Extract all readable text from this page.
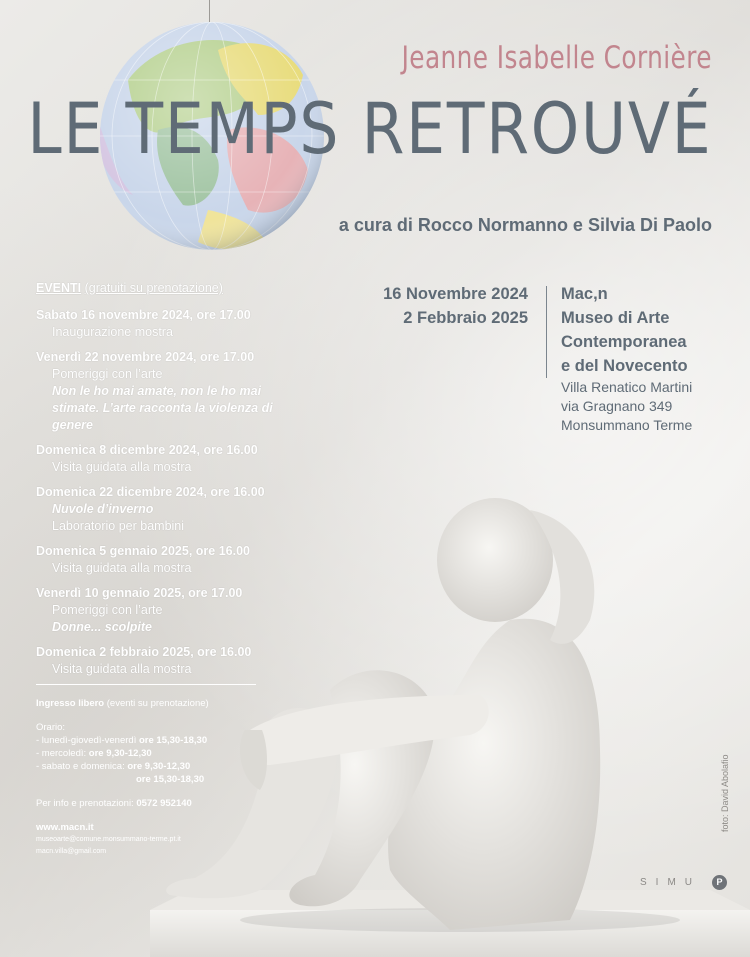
Jeanne Isabelle Cornière
LE TEMPS RETROUVÉ
a cura di Rocco Normanno e Silvia Di Paolo
16 Novembre 2024
2 Febbraio 2025
Mac,n
Museo di Arte
Contemporanea
e del Novecento
Villa Renatico Martini
via Gragnano 349
Monsummano Terme
EVENTI (gratuiti su prenotazione)
Sabato 16 novembre 2024, ore 17.00
Inaugurazione mostra
Venerdì 22 novembre 2024, ore 17.00
Pomeriggi con l’arte
Non le ho mai amate, non le ho mai stimate. L’arte racconta la violenza di genere
Domenica 8 dicembre 2024, ore 16.00
Visita guidata alla mostra
Domenica 22 dicembre 2024, ore 16.00
Nuvole d’inverno
Laboratorio per bambini
Domenica 5 gennaio 2025, ore 16.00
Visita guidata alla mostra
Venerdì 10 gennaio 2025, ore 17.00
Pomeriggi con l’arte
Donne... scolpite
Domenica 2 febbraio 2025, ore 16.00
Visita guidata alla mostra

Ingresso libero (eventi su prenotazione)

Orario:

- lunedì-giovedì-venerdì ore 15,30-18,30

- mercoledì: ore 9,30-12,30

- sabato e domenica: ore 9,30-12,30

ore 15,30-18,30

Per info e prenotazioni: 0572 952140

www.macn.it

museoarte@comune.monsummano-terme.pt.it

macn.villa@gmail.com

foto: David Abolafio
SIMU	P
